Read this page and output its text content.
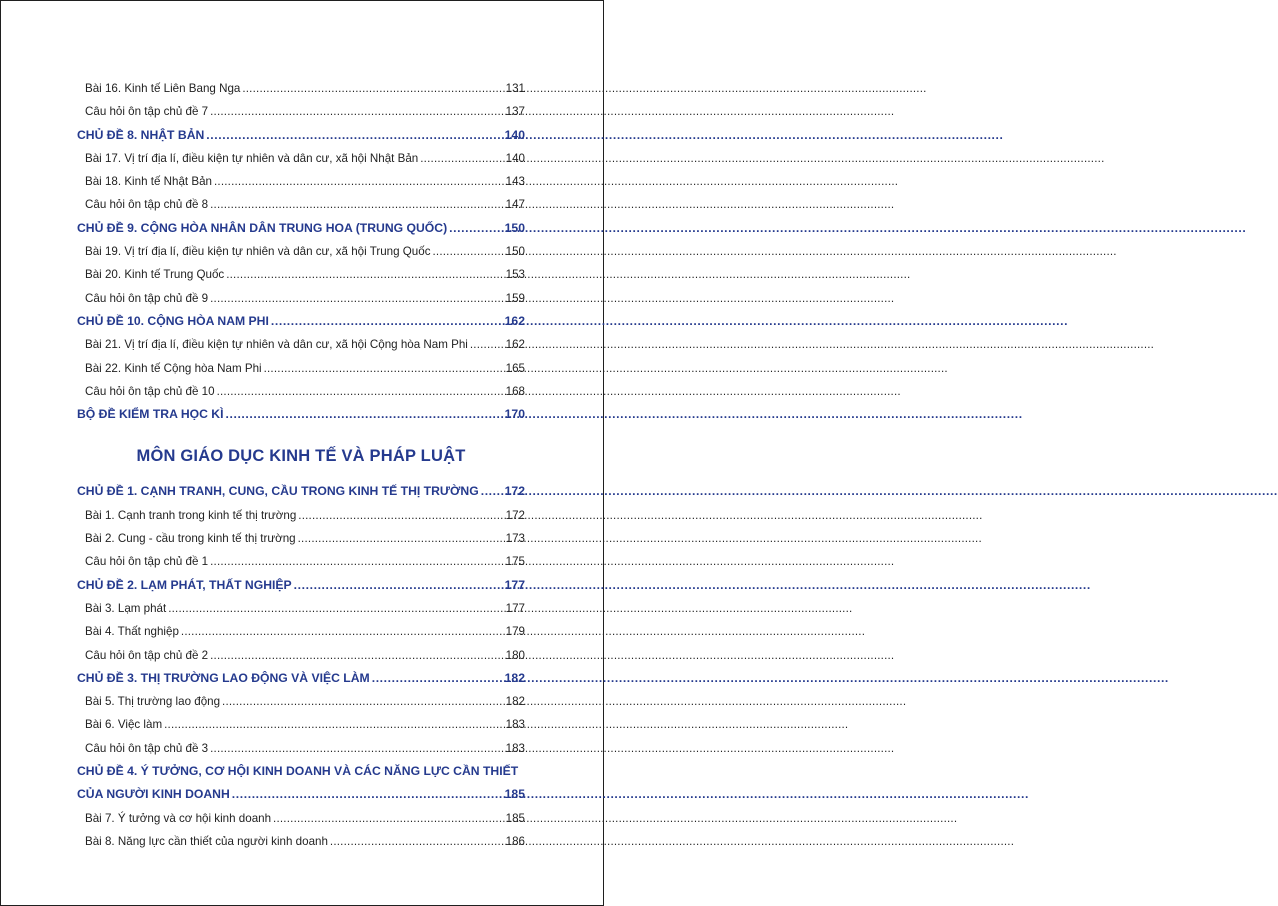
Bài 16. Kinh tế Liên Bang Nga .....	131
Câu hỏi ôn tập chủ đề 7 .....	137
CHỦ ĐỀ 8. NHẬT BẢN .....	140
Bài 17. Vị trí địa lí, điều kiện tự nhiên và dân cư, xã hội Nhật Bản .....	140
Bài 18. Kinh tế Nhật Bản .....	143
Câu hỏi ôn tập chủ đề 8 .....	147
CHỦ ĐỀ 9. CỘNG HÒA NHÂN DÂN TRUNG HOA (TRUNG QUỐC) .....	150
Bài 19. Vị trí địa lí, điều kiện tự nhiên và dân cư, xã hội Trung Quốc .....	150
Bài 20. Kinh tế Trung Quốc .....	153
Câu hỏi ôn tập chủ đề 9 .....	159
CHỦ ĐỀ 10. CỘNG HÒA NAM PHI .....	162
Bài 21. Vị trí địa lí, điều kiện tự nhiên và dân cư, xã hội Cộng hòa Nam Phi .....	162
Bài 22. Kinh tế Cộng hòa Nam Phi .....	165
Câu hỏi ôn tập chủ đề 10 .....	168
BỘ ĐỀ KIỂM TRA HỌC KÌ .....	170
MÔN GIÁO DỤC KINH TẾ VÀ PHÁP LUẬT
CHỦ ĐỀ 1. CẠNH TRANH, CUNG, CẦU TRONG KINH TẾ THỊ TRƯỜNG ..... 172
Bài 1. Cạnh tranh trong kinh tế thị trường .....	172
Bài 2. Cung - cầu trong kinh tế thị trường .....	173
Câu hỏi ôn tập chủ đề 1 .....	175
CHỦ ĐỀ 2. LẠM PHÁT, THẤT NGHIỆP .....	177
Bài 3. Lạm phát .....	177
Bài 4. Thất nghiệp .....	179
Câu hỏi ôn tập chủ đề 2 .....	180
CHỦ ĐỀ 3. THỊ TRƯỜNG LAO ĐỘNG VÀ VIỆC LÀM .....	182
Bài 5. Thị trường lao động .....	182
Bài 6. Việc làm .....	183
Câu hỏi ôn tập chủ đề 3 .....	183
CHỦ ĐỀ 4. Ý TƯỞNG, CƠ HỘI KINH DOANH VÀ CÁC NĂNG LỰC CẦN THIẾT
CỦA NGƯỜI KINH DOANH .....	185
Bài 7. Ý tưởng và cơ hội kinh doanh .....	185
Bài 8. Năng lực cần thiết của người kinh doanh .....	186
